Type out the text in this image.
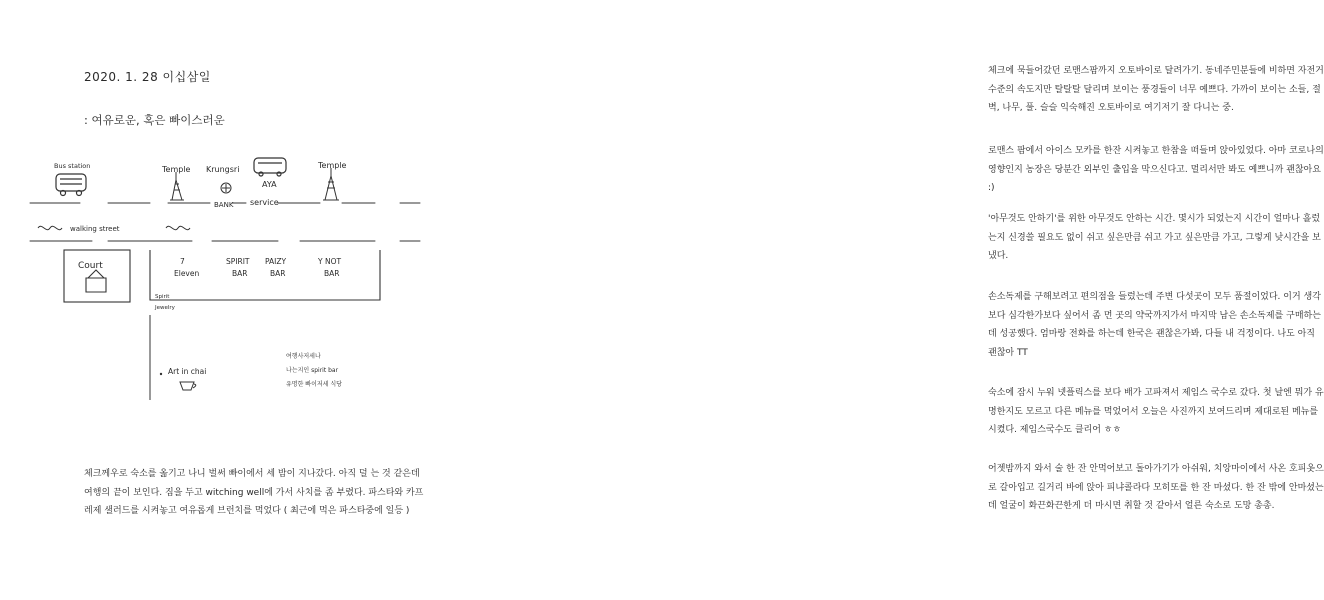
2020. 1. 28 이십삼일
: 여유로운, 혹은 빠이스러운
Bus station	Temple Krungsri
BANK
AYA
service
Temple
walking street
Court	7
Eleven
SPIRIT
BAR
PAIZY
BAR
Y NOT
BAR
Spirit
Jewelry
Art in chai
여행사저세나
나는지인 spirit bar
유명한 빠이저세 식당

체크께우로 숙소를 옮기고 나니 벌써 빠이에서 세 밤이 지나갔다. 아직 덜 는 것 같은데 여행의 끝이 보인다. 짐을 두고 witching well에 가서 사치를 좀 부렸다. 파스타와 카프레제 샐러드를 시켜놓고 여유롭게 브런치를 먹었다 ( 최근에 먹은 파스타중에 일등 )

체크에 묵들어갔던 로맨스팜까지 오토바이로 달려가기. 동네주민분들에 비하면 자전거 수준의 속도지만 탈탈탈 달리며 보이는 풍경들이 너무 예쁘다. 가까이 보이는 소들, 절벽, 나무, 풀. 슬슬 익숙해진 오토바이로 여기저기 잘 다니는 중.

로맨스 팜에서 아이스 모카를 한잔 시켜놓고 한참을 떠들며 앉아있었다. 아마 코로나의 영향인지 농장은 당분간 외부인 출입을 막으신다고. 멀리서만 봐도 예쁘니까 괜찮아요 :)

'아무것도 안하기'를 위한 아무것도 안하는 시간. 몇시가 되었는지 시간이 얼마나 흘렀는지 신경쓸 필요도 없이 쉬고 싶은만큼 쉬고 가고 싶은만큼 가고, 그렇게 낮시간을 보냈다.

손소독제를 구해보려고 편의점을 들렀는데 주변 다섯곳이 모두 품절이었다. 이거 생각보다 심각한가보다 싶어서 좀 먼 곳의 약국까지가서 마지막 남은 손소독제를 구매하는데 성공했다. 엄마랑 전화를 하는데 한국은 괜찮은가봐, 다들 내 걱정이다. 나도 아직 괜찮아 TT

숙소에 잠시 누워 넷플릭스를 보다 배가 고파져서 제임스 국수로 갔다. 첫 날엔 뭐가 유명한지도 모르고 다른 메뉴를 먹었어서 오늘은 사진까지 보여드리며 제대로된 메뉴를 시켰다. 제임스국수도 클리어 ㅎㅎ

어젯밤까지 와서 술 한 잔 안먹어보고 돌아가기가 아쉬워, 치앙마이에서 사온 호피옷으로 갈아입고 길거리 바에 앉아 피냐콜라다 모히또를 한 잔 마셨다. 한 잔 밖에 안마셨는데 얼굴이 화끈화끈한게 더 마시면 취할 것 같아서 얼른 숙소로 도망 총총.
